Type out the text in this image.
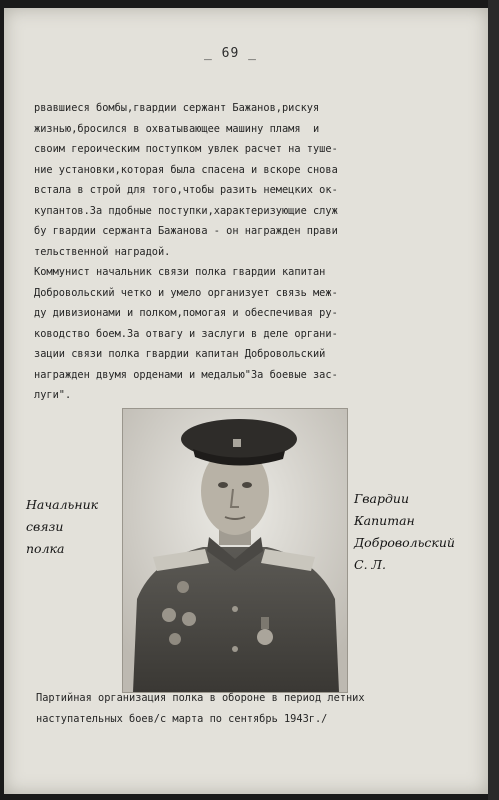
_ 69 _
рвавшиеся бомбы,гвардии сержант Бажанов,рискуя
жизнью,бросился в охватывающее машину пламя  и
своим героическим поступком увлек расчет на туше-
ние установки,которая была спасена и вскоре снова
встала в строй для того,чтобы разить немецких ок-
купантов.За пдобные поступки,характеризующие служ
бу гвардии сержанта Бажанова - он награжден прави
тельственной наградой.
Коммунист начальник связи полка гвардии капитан
Добровольский четко и умело организует связь меж-
ду дивизионами и полком,помогая и обеспечивая ру-
ководство боем.За отвагу и заслуги в деле органи-
зации связи полка гвардии капитан Добровольский
награжден двумя орденами и медалью"За боевые зас-
луги".
Начальник
связи
полка
Гвардии
Капитан
Добровольский
С. Л.
Партийная организация полка в обороне в период летних
наступательных боев/с марта по сентябрь 1943г./
